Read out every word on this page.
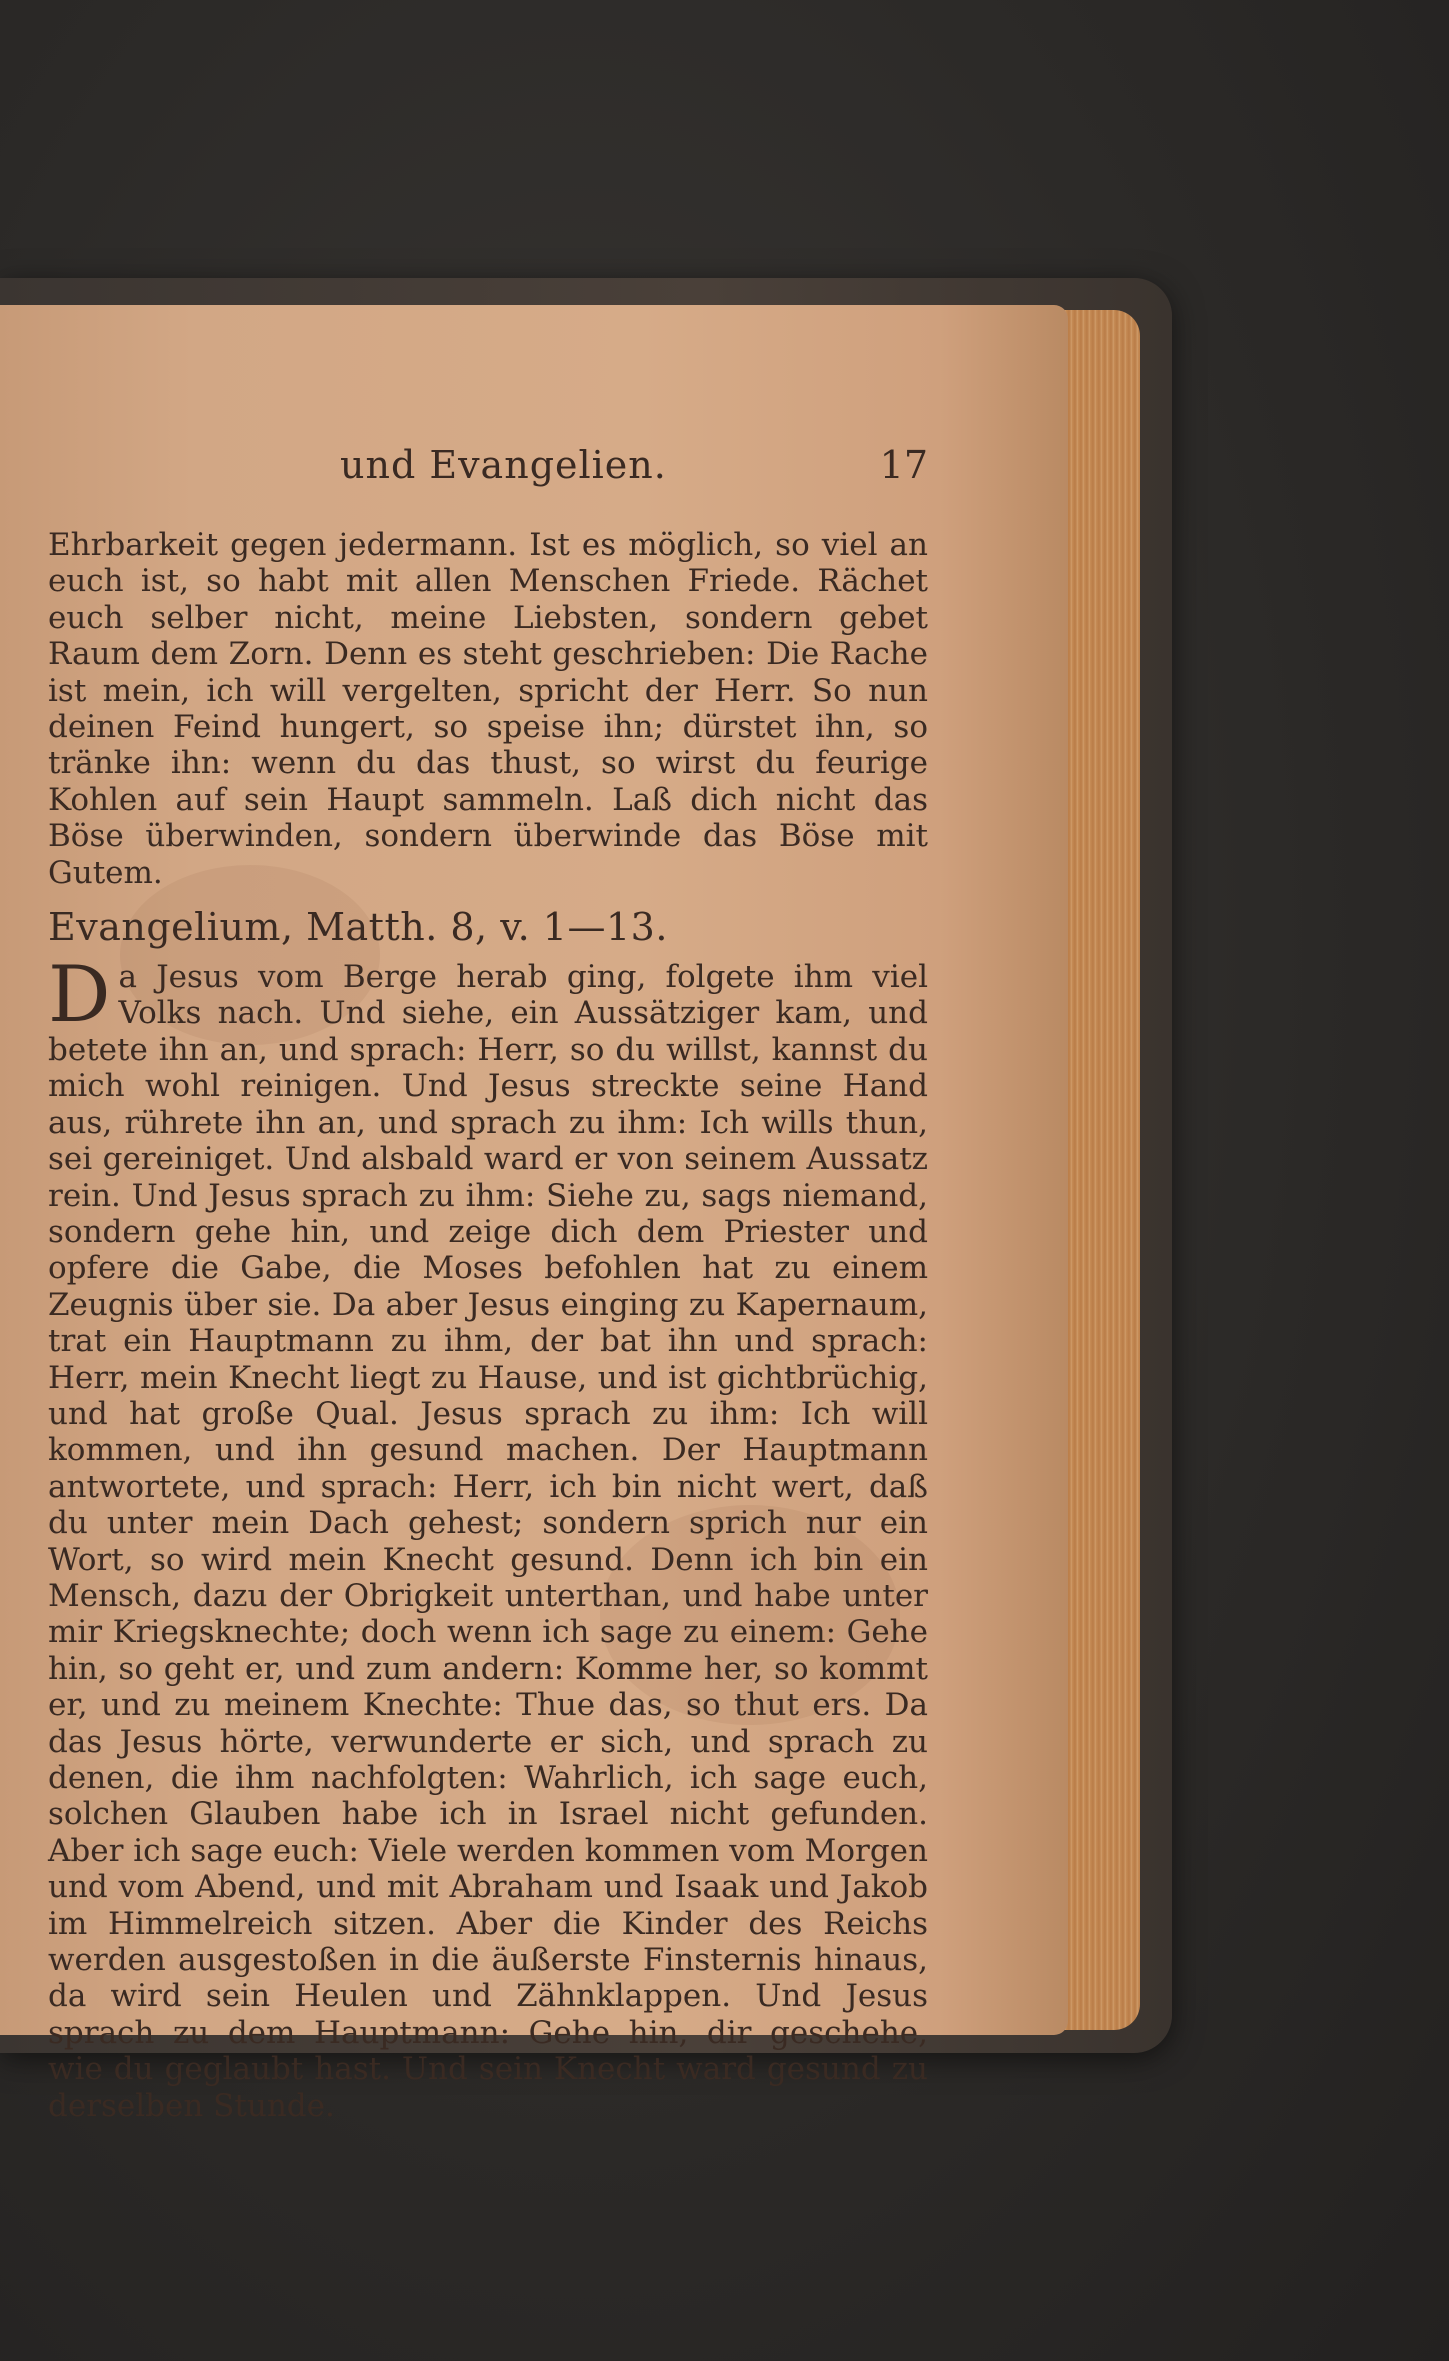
und Evangelien.	17

Ehrbarkeit gegen jedermann. Ist es möglich, so viel an euch ist, so habt mit allen Menschen Friede. Rächet euch selber nicht, meine Liebsten, sondern gebet Raum dem Zorn. Denn es steht geschrieben: Die Rache ist mein, ich will vergelten, spricht der Herr. So nun deinen Feind hungert, so speise ihn; dürstet ihn, so tränke ihn: wenn du das thust, so wirst du feurige Kohlen auf sein Haupt sammeln. Laß dich nicht das Böse überwinden, sondern überwinde das Böse mit Gutem.

Evangelium, Matth. 8, v. 1—13.

Da Jesus vom Berge herab ging, folgete ihm viel Volks nach. Und siehe, ein Aussätziger kam, und betete ihn an, und sprach: Herr, so du willst, kannst du mich wohl reinigen. Und Jesus streckte seine Hand aus, rührete ihn an, und sprach zu ihm: Ich wills thun, sei gereiniget. Und alsbald ward er von seinem Aussatz rein. Und Jesus sprach zu ihm: Siehe zu, sags niemand, sondern gehe hin, und zeige dich dem Priester und opfere die Gabe, die Moses befohlen hat zu einem Zeugnis über sie. Da aber Jesus einging zu Kapernaum, trat ein Hauptmann zu ihm, der bat ihn und sprach: Herr, mein Knecht liegt zu Hause, und ist gichtbrüchig, und hat große Qual. Jesus sprach zu ihm: Ich will kommen, und ihn gesund machen. Der Hauptmann antwortete, und sprach: Herr, ich bin nicht wert, daß du unter mein Dach gehest; sondern sprich nur ein Wort, so wird mein Knecht gesund. Denn ich bin ein Mensch, dazu der Obrigkeit unterthan, und habe unter mir Kriegsknechte; doch wenn ich sage zu einem: Gehe hin, so geht er, und zum andern: Komme her, so kommt er, und zu meinem Knechte: Thue das, so thut ers. Da das Jesus hörte, verwunderte er sich, und sprach zu denen, die ihm nachfolgten: Wahrlich, ich sage euch, solchen Glauben habe ich in Israel nicht gefunden. Aber ich sage euch: Viele werden kommen vom Morgen und vom Abend, und mit Abraham und Isaak und Jakob im Himmelreich sitzen. Aber die Kinder des Reichs werden ausgestoßen in die äußerste Finsternis hinaus, da wird sein Heulen und Zähnklappen. Und Jesus sprach zu dem Hauptmann: Gehe hin, dir geschehe, wie du geglaubt hast. Und sein Knecht ward gesund zu derselben Stunde.
